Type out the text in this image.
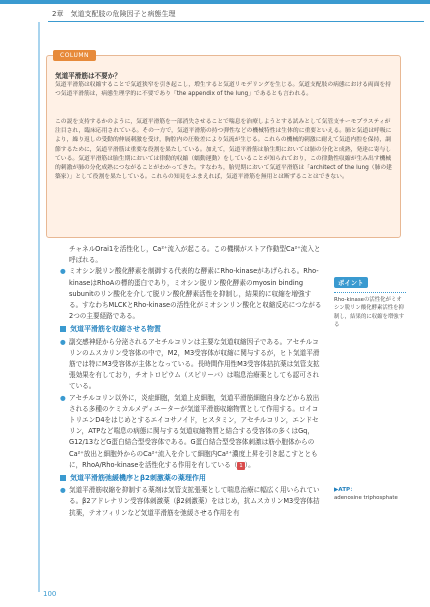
2章　気道支配肢の危険因子と病態生理
COLUMN
気道平滑筋は不要か？

気道平滑筋は収縮することで気道狭窄を引き起こし，増生すると気道リモデリングを生じる。気道支配肢の病態における両面を持つ気道平滑筋は，病態生理学的に不要であり「the appendix of the lung」であるとも言われる。

この説を支持するかのように，気道平滑筋を一部消失させることで喘息を治療しようとする試みとして気管支サーモプラスティが注目され，臨床応用されている。その一方で，気道平滑筋の持つ弾性などの機械特性は生体的に重要といえる。肺と気道は呼吸により，繰り返しの受動的伸展刺激を受け，胸腔内の圧較差により気流が生じる。これらの機械的刺激に耐えて気道内腔を保持，調節するために，気道平滑筋は重要な役割を果たしている。加えて，気道平滑筋は胎生期においては肺の分化と成熟，発達に寄与している。気道平滑筋は胎生期においては律動的収縮（蠕動運動）をしていることが知られており，この律動性収縮が生み出す機械的刺激が肺の分化成熟につながることがわかってきた。すなわち，胎児期において気道平滑筋は「architect of the lung（肺の建築家）」として役割を果たしている。これらの知見をふまえれば，気道平滑筋を無用とは断ずることはできない。

チャネルOrai1を活性化し，Ca²⁺流入が起こる。この機構がストア作動型Ca²⁺流入と呼ばれる。

● ミオシン脱リン酸化酵素を制御する代表的な酵素にRho-kinaseがあげられる。Rho-kinaseはRhoAの標的蛋白であり，ミオシン脱リン酸化酵素のmyosin binding subunitのリン酸化を介して脱リン酸化酵素活性を抑制し，結果的に収縮を増強する。すなわちMLCKとRho-kinaseの活性化がミオシンリン酸化と収縮反応につながる2つの主要経路である。

気道平滑筋を収縮させる物質

● 副交感神経から分泌されるアセチルコリンは主要な気道収縮因子である。アセチルコリンのムスカリン受容体の中で，M2，M3受容体が収縮に関与するが，ヒト気道平滑筋では特にM3受容体が主体となっている。長時間作用性M3受容体拮抗薬は気管支拡張効果を有しており，チオトロピウム（スピリーバ）は喘息治療薬としても認可されている。

● アセチルコリン以外に，炎症細胞，気道上皮細胞，気道平滑筋細胞自身などから放出される多種のケミカルメディエーターが気道平滑筋収縮物質として作用する。ロイコトリエンD4をはじめとするエイコサノイド，ヒスタミン，アセチルコリン，エンドセリン，ATPなど喘息の病態に関与する気道収縮物質と結合する受容体の多くはGq，G12/13などG蛋白結合型受容体である。G蛋白結合型受容体刺激は筋小胞体からのCa²⁺放出と細胞外からのCa²⁺流入を介して細胞内Ca²⁺濃度上昇を引き起こすとともに，RhoA/Rho-kinaseを活性化する作用を有している（ 1 ）。

気道平滑筋弛緩機序とβ2刺激薬の薬理作用

● 気道平滑筋収縮を抑制する薬剤は気管支拡張薬として喘息治療に幅広く用いられている。β2アドレナリン受容体刺激薬（β2刺激薬）をはじめ，抗ムスカリンM3受容体拮抗薬，テオフィリンなど気道平滑筋を弛緩させる作用を有

ポイント
Rho-kinaseの活性化がミオシン脱リン酸化酵素活性を抑制し，結果的に収縮を増強する
▶ATP：
adenosine triphosphate
100
